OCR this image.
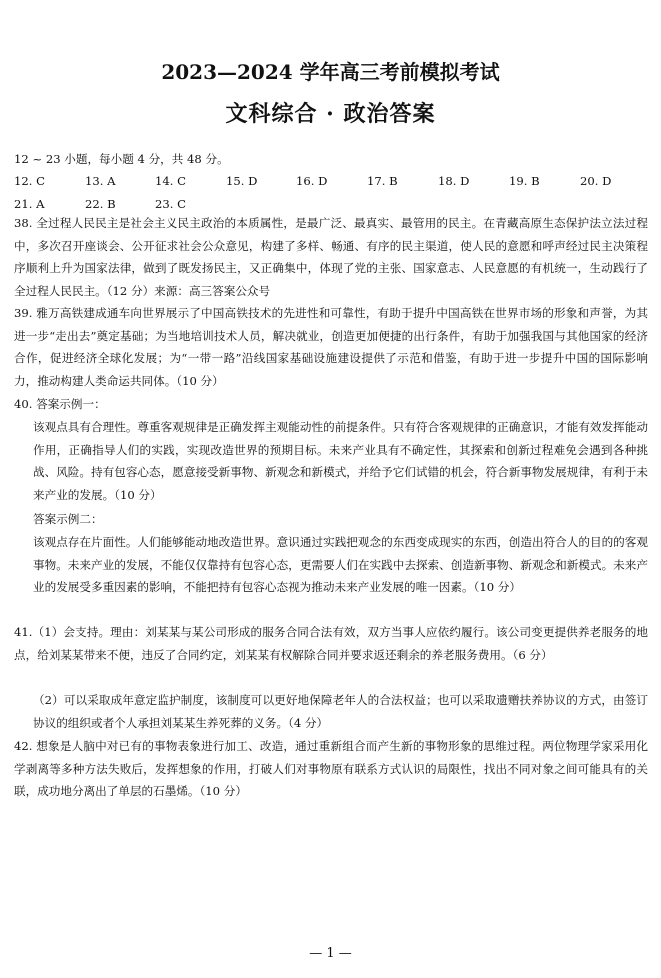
2023—2024 学年高三考前模拟考试
文科综合 · 政治答案
12 ~ 23 小题，每小题 4 分，共 48 分。
12. C	13. A	14. C	15. D	16. D	17. B	18. D	19. B	20. D
21. A	22. B	23. C
38. 全过程人民民主是社会主义民主政治的本质属性，是最广泛、最真实、最管用的民主。在青藏高原生态保护法立法过程中，多次召开座谈会、公开征求社会公众意见，构建了多样、畅通、有序的民主渠道，使人民的意愿和呼声经过民主决策程序顺利上升为国家法律，做到了既发扬民主，又正确集中，体现了党的主张、国家意志、人民意愿的有机统一，生动践行了全过程人民民主。（12 分）来源：高三答案公众号
39. 雅万高铁建成通车向世界展示了中国高铁技术的先进性和可靠性，有助于提升中国高铁在世界市场的形象和声誉，为其进一步“走出去”奠定基础；为当地培训技术人员，解决就业，创造更加便捷的出行条件，有助于加强我国与其他国家的经济合作，促进经济全球化发展；为“一带一路”沿线国家基础设施建设提供了示范和借鉴，有助于进一步提升中国的国际影响力，推动构建人类命运共同体。（10 分）
40. 答案示例一：
该观点具有合理性。尊重客观规律是正确发挥主观能动性的前提条件。只有符合客观规律的正确意识，才能有效发挥能动作用，正确指导人们的实践，实现改造世界的预期目标。未来产业具有不确定性，其探索和创新过程难免会遇到各种挑战、风险。持有包容心态，愿意接受新事物、新观念和新模式，并给予它们试错的机会，符合新事物发展规律，有利于未来产业的发展。（10 分）
答案示例二：
该观点存在片面性。人们能够能动地改造世界。意识通过实践把观念的东西变成现实的东西，创造出符合人的目的的客观事物。未来产业的发展，不能仅仅靠持有包容心态，更需要人们在实践中去探索、创造新事物、新观念和新模式。未来产业的发展受多重因素的影响，不能把持有包容心态视为推动未来产业发展的唯一因素。（10 分）
41.（1）会支持。理由：刘某某与某公司形成的服务合同合法有效，双方当事人应依约履行。该公司变更提供养老服务的地点，给刘某某带来不便，违反了合同约定，刘某某有权解除合同并要求返还剩余的养老服务费用。（6 分）
（2）可以采取成年意定监护制度，该制度可以更好地保障老年人的合法权益；也可以采取遗赠扶养协议的方式，由签订协议的组织或者个人承担刘某某生养死葬的义务。（4 分）
42. 想象是人脑中对已有的事物表象进行加工、改造，通过重新组合而产生新的事物形象的思维过程。两位物理学家采用化学剥离等多种方法失败后，发挥想象的作用，打破人们对事物原有联系方式认识的局限性，找出不同对象之间可能具有的关联，成功地分离出了单层的石墨烯。（10 分）
— 1 —
